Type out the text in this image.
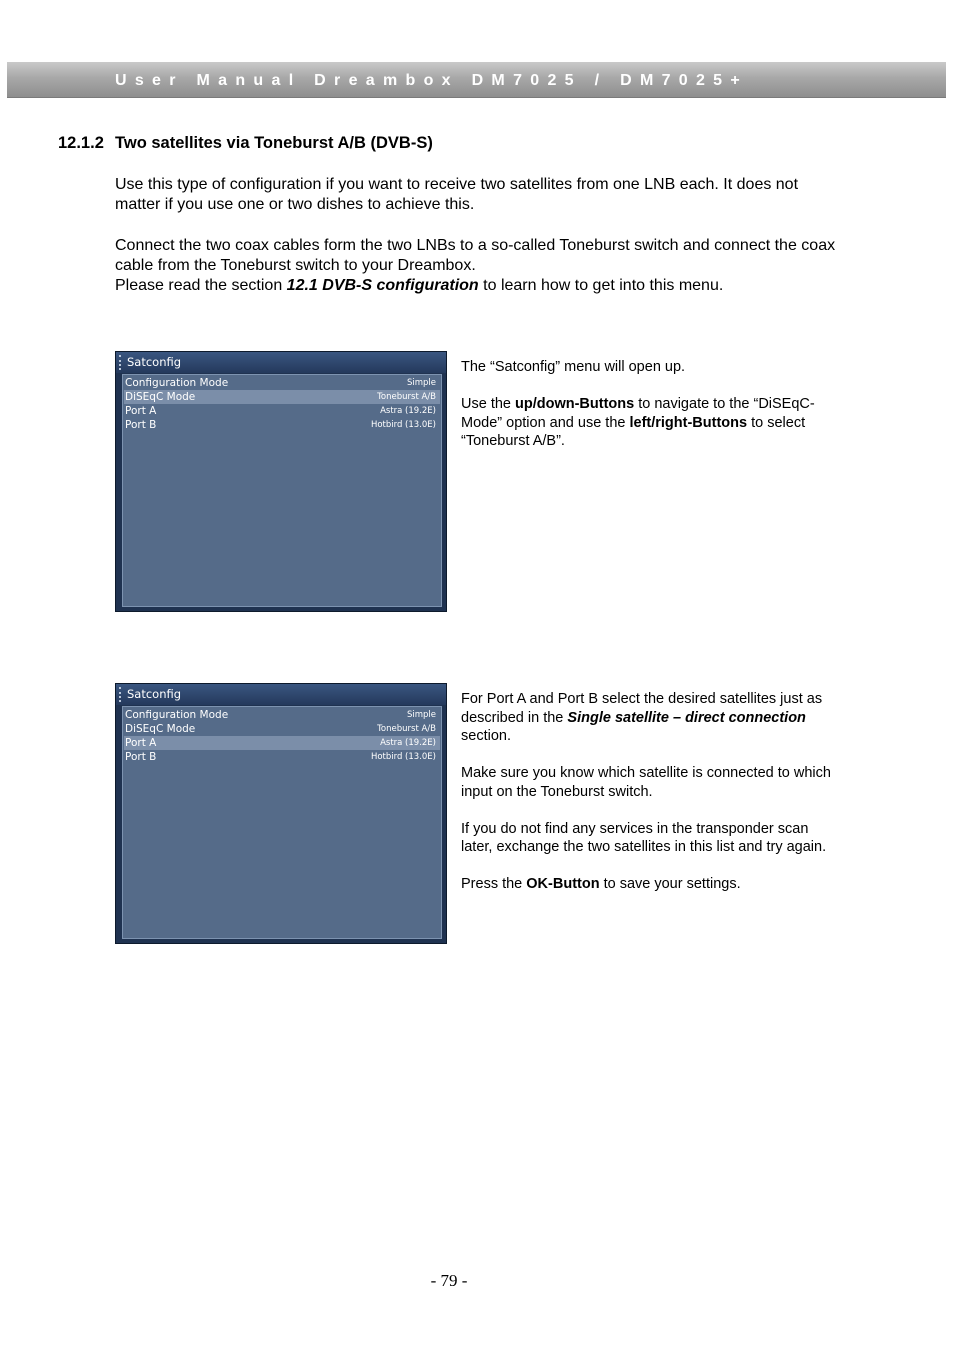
User Manual Dreambox DM7025 / DM7025+
12.1.2 Two satellites via Toneburst A/B (DVB-S)
Use this type of configuration if you want to receive two satellites from one LNB each. It does not matter if you use one or two dishes to achieve this.
Connect the two coax cables form the two LNBs to a so-called Toneburst switch and connect the coax cable from the Toneburst switch to your Dreambox.
Please read the section 12.1 DVB-S configuration to learn how to get into this menu.
Satconfig
Configuration Mode	Simple
DiSEqC Mode	Toneburst A/B
Port A	Astra (19.2E)
Port B	Hotbird (13.0E)

The “Satconfig” menu will open up.

Use the up/down-Buttons to navigate to the “DiSEqC-Mode” option and use the left/right-Buttons to select “Toneburst A/B”.

Satconfig
Configuration Mode	Simple
DiSEqC Mode	Toneburst A/B
Port A	Astra (19.2E)
Port B	Hotbird (13.0E)

For Port A and Port B select the desired satellites just as described in the Single satellite – direct connection section.

Make sure you know which satellite is connected to which input on the Toneburst switch.

If you do not find any services in the transponder scan later, exchange the two satellites in this list and try again.

Press the OK-Button to save your settings.

- 79 -
